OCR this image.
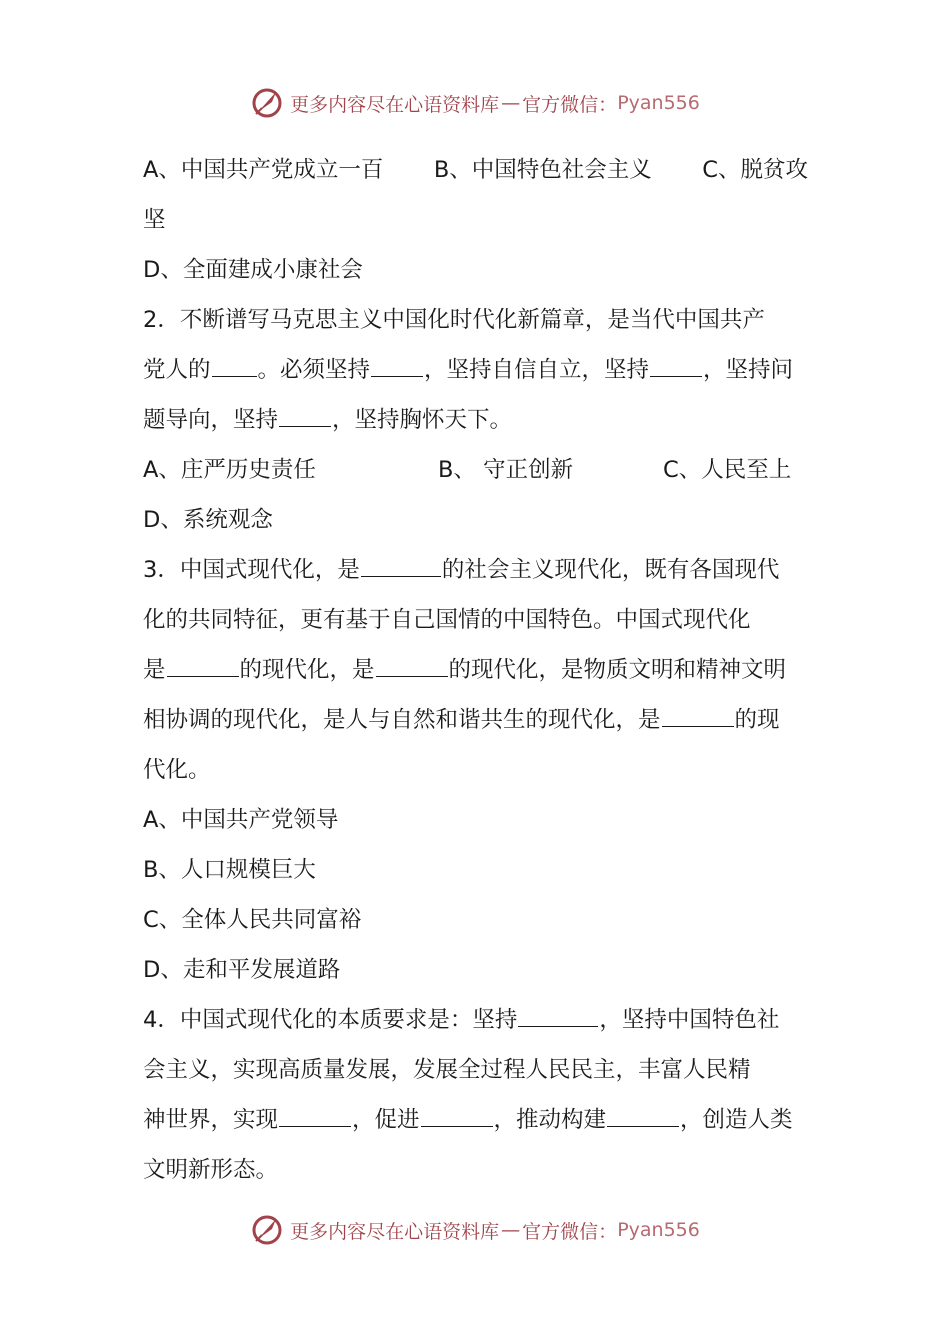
更多内容尽在心语资料库 — 官方微信： Pyan556
A、中国共产党成立一百 B、中国特色社会主义 C、脱贫攻
坚
D、全面建成小康社会
2．不断谱写马克思主义中国化时代化新篇章，是当代中国共产
党人的 。必须坚持 ，坚持自信自立，坚持 ，坚持问
题导向，坚持 ，坚持胸怀天下。
A、庄严历史责任	B、 守正创新	C、人民至上
D、系统观念
3．中国式现代化，是	的社会主义现代化，既有各国现代
化的共同特征，更有基于自己国情的中国特色。中国式现代化
是	的现代化，是	的现代化，是物质文明和精神文明
相协调的现代化，是人与自然和谐共生的现代化，是	的现
代化。
A、中国共产党领导
B、人口规模巨大
C、全体人民共同富裕
D、走和平发展道路
4．中国式现代化的本质要求是：坚持	，坚持中国特色社
会主义，实现高质量发展，发展全过程人民民主，丰富人民精
神世界，实现	，促进	，推动构建	，创造人类
文明新形态。
更多内容尽在心语资料库 — 官方微信： Pyan556
